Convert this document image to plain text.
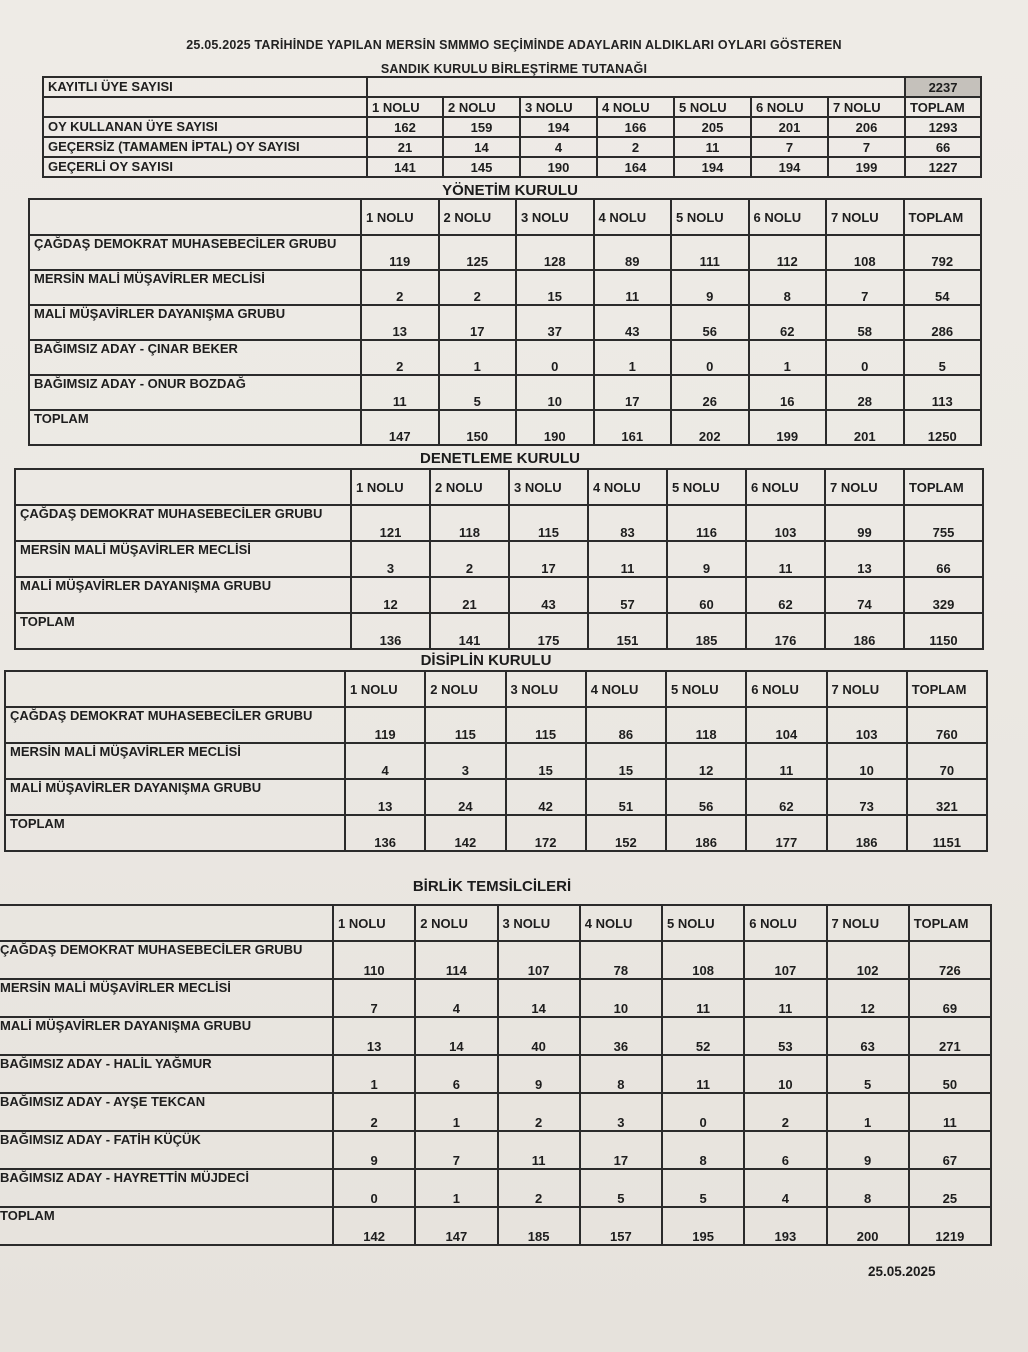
25.05.2025 TARİHİNDE YAPILAN MERSİN SMMMO SEÇİMİNDE ADAYLARIN ALDIKLARI OYLARI GÖSTEREN
SANDIK KURULU BİRLEŞTİRME TUTANAĞI
KAYITLI ÜYE SAYISI								2237
	1 NOLU	2 NOLU	3 NOLU	4 NOLU	5 NOLU	6 NOLU	7 NOLU	TOPLAM
OY KULLANAN ÜYE SAYISI	162	159	194	166	205	201	206	1293
GEÇERSİZ (TAMAMEN İPTAL) OY SAYISI	21	14	4	2	11	7	7	66
GEÇERLİ OY SAYISI	141	145	190	164	194	194	199	1227
YÖNETİM KURULU
DENETLEME KURULU
DİSİPLİN KURULU
BİRLİK TEMSİLCİLERİ
	1 NOLU	2 NOLU	3 NOLU	4 NOLU	5 NOLU	6 NOLU	7 NOLU	TOPLAM
ÇAĞDAŞ DEMOKRAT MUHASEBECİLER GRUBU	119	125	128	89	111	112	108	792
MERSİN MALİ MÜŞAVİRLER MECLİSİ	2	2	15	11	9	8	7	54
MALİ MÜŞAVİRLER DAYANIŞMA GRUBU	13	17	37	43	56	62	58	286
BAĞIMSIZ ADAY - ÇINAR BEKER	2	1	0	1	0	1	0	5
BAĞIMSIZ ADAY - ONUR BOZDAĞ	11	5	10	17	26	16	28	113
TOPLAM	147	150	190	161	202	199	201	1250
	1 NOLU	2 NOLU	3 NOLU	4 NOLU	5 NOLU	6 NOLU	7 NOLU	TOPLAM
ÇAĞDAŞ DEMOKRAT MUHASEBECİLER GRUBU	121	118	115	83	116	103	99	755
MERSİN MALİ MÜŞAVİRLER MECLİSİ	3	2	17	11	9	11	13	66
MALİ MÜŞAVİRLER DAYANIŞMA GRUBU	12	21	43	57	60	62	74	329
TOPLAM	136	141	175	151	185	176	186	1150
	1 NOLU	2 NOLU	3 NOLU	4 NOLU	5 NOLU	6 NOLU	7 NOLU	TOPLAM
ÇAĞDAŞ DEMOKRAT MUHASEBECİLER GRUBU	119	115	115	86	118	104	103	760
MERSİN MALİ MÜŞAVİRLER MECLİSİ	4	3	15	15	12	11	10	70
MALİ MÜŞAVİRLER DAYANIŞMA GRUBU	13	24	42	51	56	62	73	321
TOPLAM	136	142	172	152	186	177	186	1151
	1 NOLU	2 NOLU	3 NOLU	4 NOLU	5 NOLU	6 NOLU	7 NOLU	TOPLAM
ÇAĞDAŞ DEMOKRAT MUHASEBECİLER GRUBU	110	114	107	78	108	107	102	726
MERSİN MALİ MÜŞAVİRLER MECLİSİ	7	4	14	10	11	11	12	69
MALİ MÜŞAVİRLER DAYANIŞMA GRUBU	13	14	40	36	52	53	63	271
BAĞIMSIZ ADAY - HALİL YAĞMUR	1	6	9	8	11	10	5	50
BAĞIMSIZ ADAY - AYŞE TEKCAN	2	1	2	3	0	2	1	11
BAĞIMSIZ ADAY - FATİH KÜÇÜK	9	7	11	17	8	6	9	67
BAĞIMSIZ ADAY - HAYRETTİN MÜJDECİ	0	1	2	5	5	4	8	25
TOPLAM	142	147	185	157	195	193	200	1219
25.05.2025
